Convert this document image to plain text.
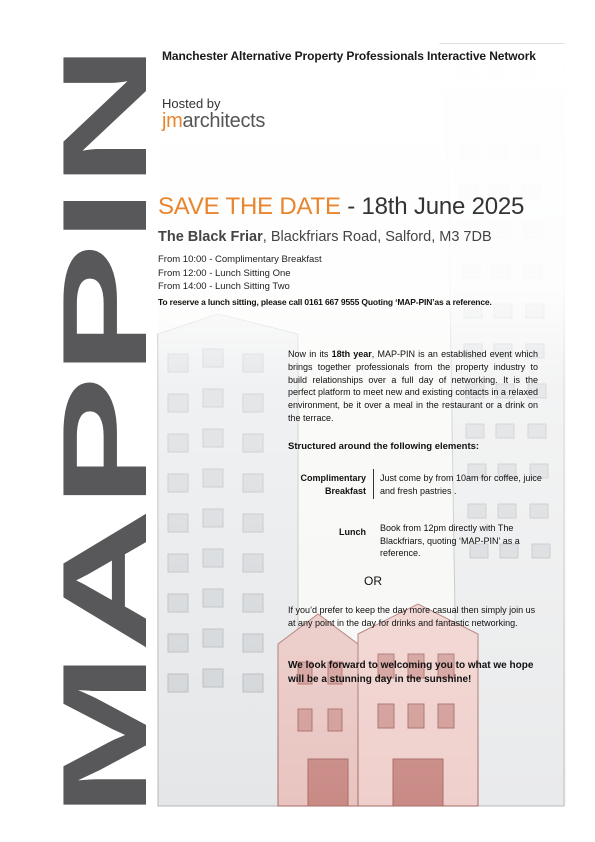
MAPPIN
Manchester Alternative Property Professionals Interactive Network
Hosted by
jmarchitects
SAVE THE DATE - 18th June 2025
The Black Friar, Blackfriars Road, Salford, M3 7DB
From 10:00 - Complimentary Breakfast
From 12:00 - Lunch Sitting One
From 14:00 - Lunch Sitting Two
To reserve a lunch sitting, please call 0161 667 9555 Quoting ‘MAP-PIN’as a reference.
Now in its 18th year, MAP-PIN is an established event which brings together professionals from the property industry to build relationships over a full day of networking. It is the perfect platform to meet new and existing contacts in a relaxed environment, be it over a meal in the restaurant or a drink on the terrace.
Structured around the following elements:
Complimentary Breakfast
Just come by from 10am for coffee, juice and fresh pastries .
Lunch Book from 12pm directly with The Blackfriars, quoting ‘MAP-PIN’ as a reference.
OR
If you’d prefer to keep the day more casual then simply join us at any point in the day for drinks and fantastic networking.
We look forward to welcoming you to what we hope will be a stunning day in the sunshine!
